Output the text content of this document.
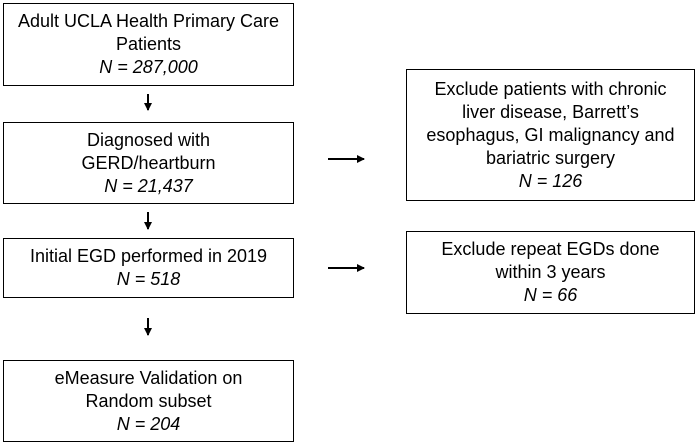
Adult UCLA Health Primary Care
Patients
N = 287,000
Diagnosed with
GERD/heartburn
N = 21,437
Initial EGD performed in 2019
N = 518
eMeasure Validation on
Random subset
N = 204
Exclude patients with chronic
liver disease, Barrett’s
esophagus, GI malignancy and
bariatric surgery
N = 126
Exclude repeat EGDs done
within 3 years
N = 66
